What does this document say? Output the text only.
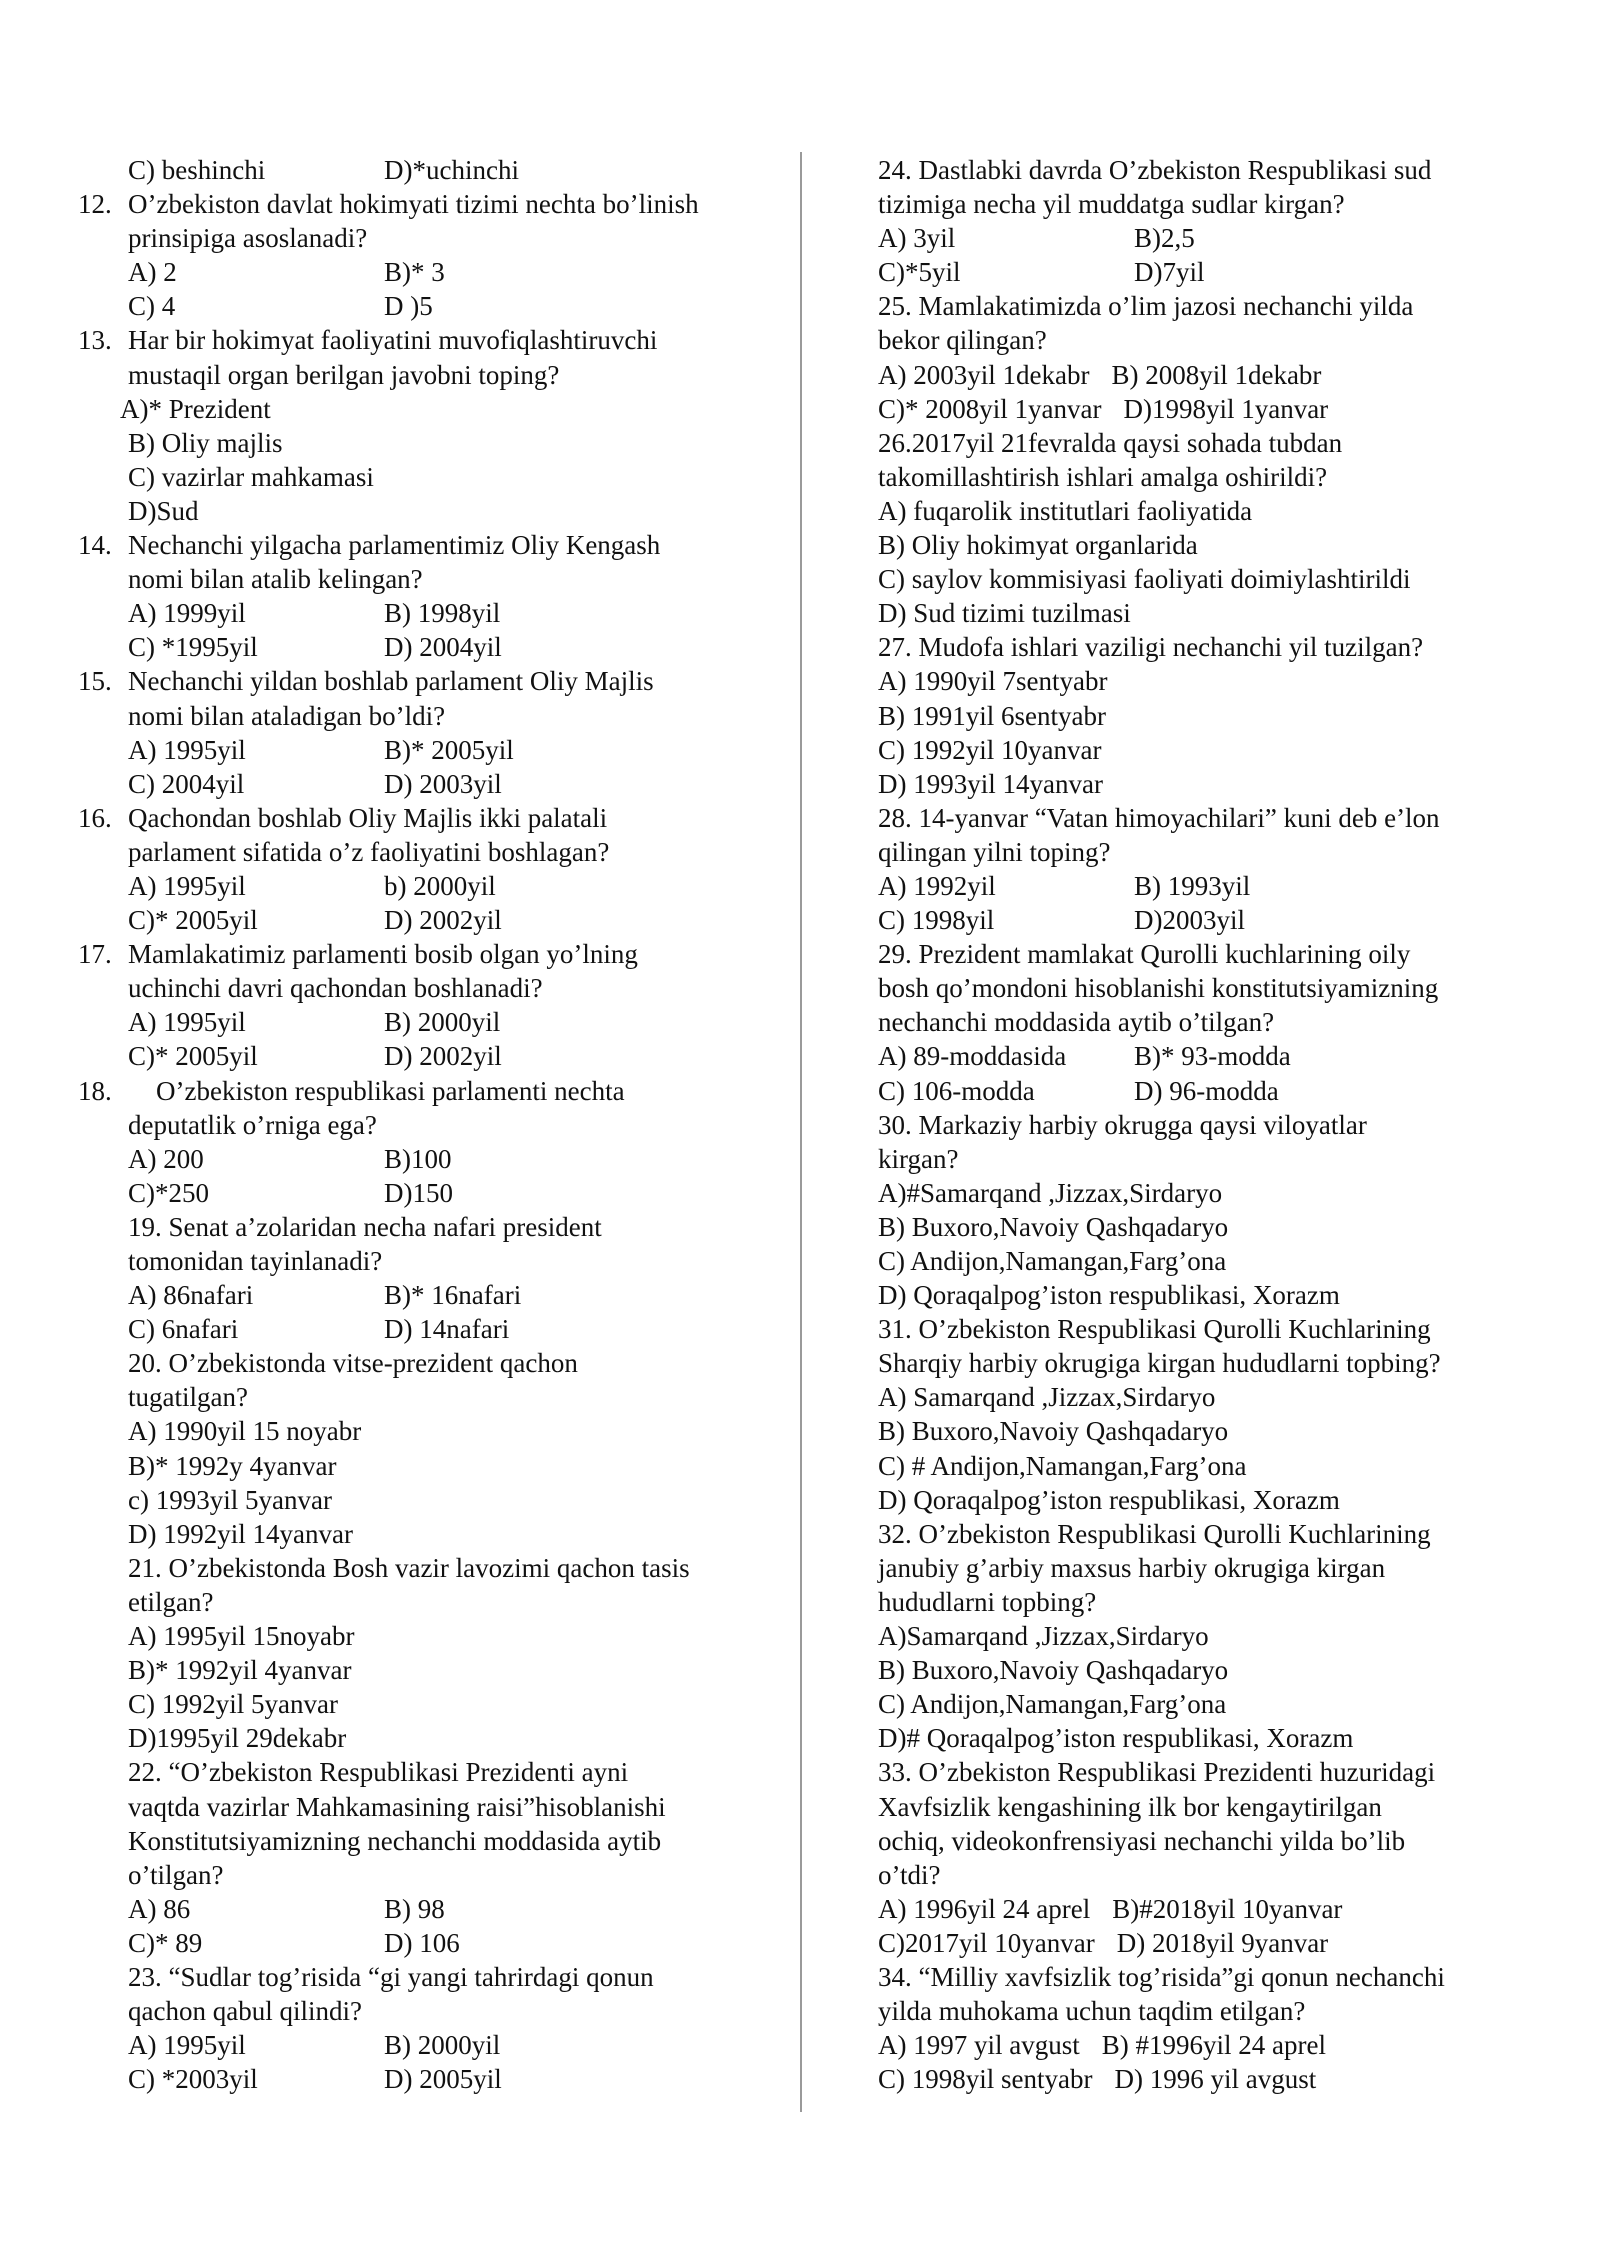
C) beshinchi	D)*uchinchi
12. O’zbekiston davlat hokimyati tizimi nechta bo’linish
prinsipiga asoslanadi?
A) 2	B)* 3
C) 4	D )5
13. Har bir hokimyat faoliyatini muvofiqlashtiruvchi
mustaqil organ berilgan javobni toping?
A)* Prezident
B) Oliy majlis
C) vazirlar mahkamasi
D)Sud
14. Nechanchi yilgacha parlamentimiz Oliy Kengash
nomi bilan atalib kelingan?
A) 1999yil	B) 1998yil
C) *1995yil	D) 2004yil
15. Nechanchi yildan boshlab parlament Oliy Majlis
nomi bilan ataladigan bo’ldi?
A) 1995yil	B)* 2005yil
C) 2004yil	D) 2003yil
16. Qachondan boshlab Oliy Majlis ikki palatali
parlament sifatida o’z faoliyatini boshlagan?
A) 1995yil	b) 2000yil
C)* 2005yil	D) 2002yil
17. Mamlakatimiz parlamenti bosib olgan yo’lning
uchinchi davri qachondan boshlanadi?
A) 1995yil	B) 2000yil
C)* 2005yil	D) 2002yil
18. O’zbekiston respublikasi parlamenti nechta
deputatlik o’rniga ega?
A) 200	B)100
C)*250	D)150
19. Senat a’zolaridan necha nafari president
tomonidan tayinlanadi?
A) 86nafari	B)* 16nafari
C) 6nafari	D) 14nafari
20. O’zbekistonda vitse-prezident qachon
tugatilgan?
A) 1990yil 15 noyabr
B)* 1992y 4yanvar
c) 1993yil 5yanvar
D) 1992yil 14yanvar
21. O’zbekistonda Bosh vazir lavozimi qachon tasis
etilgan?
A) 1995yil 15noyabr
B)* 1992yil 4yanvar
C) 1992yil 5yanvar
D)1995yil 29dekabr
22. “O’zbekiston Respublikasi Prezidenti ayni
vaqtda vazirlar Mahkamasining raisi”hisoblanishi
Konstitutsiyamizning nechanchi moddasida aytib
o’tilgan?
A) 86	B) 98
C)* 89	D) 106
23. “Sudlar tog’risida “gi yangi tahrirdagi qonun
qachon qabul qilindi?
A) 1995yil	B) 2000yil
C) *2003yil	D) 2005yil
24. Dastlabki davrda O’zbekiston Respublikasi sud
tizimiga necha yil muddatga sudlar kirgan?
A) 3yil	B)2,5
C)*5yil	D)7yil
25. Mamlakatimizda o’lim jazosi nechanchi yilda
bekor qilingan?
A) 2003yil 1dekabr B) 2008yil 1dekabr
C)* 2008yil 1yanvar D)1998yil 1yanvar
26.2017yil 21fevralda qaysi sohada tubdan
takomillashtirish ishlari amalga oshirildi?
A) fuqarolik institutlari faoliyatida
B) Oliy hokimyat organlarida
C) saylov kommisiyasi faoliyati doimiylashtirildi
D) Sud tizimi tuzilmasi
27. Mudofa ishlari vaziligi nechanchi yil tuzilgan?
A) 1990yil 7sentyabr
B) 1991yil 6sentyabr
C) 1992yil 10yanvar
D) 1993yil 14yanvar
28. 14-yanvar “Vatan himoyachilari” kuni deb e’lon
qilingan yilni toping?
A) 1992yil	B) 1993yil
C) 1998yil	D)2003yil
29. Prezident mamlakat Qurolli kuchlarining oily
bosh qo’mondoni hisoblanishi konstitutsiyamizning
nechanchi moddasida aytib o’tilgan?
A) 89-moddasida	B)* 93-modda
C) 106-modda	D) 96-modda
30. Markaziy harbiy okrugga qaysi viloyatlar
kirgan?
A)#Samarqand ,Jizzax,Sirdaryo
B) Buxoro,Navoiy Qashqadaryo
C) Andijon,Namangan,Farg’ona
D) Qoraqalpog’iston respublikasi, Xorazm
31. O’zbekiston Respublikasi Qurolli Kuchlarining
Sharqiy harbiy okrugiga kirgan hududlarni topbing?
A) Samarqand ,Jizzax,Sirdaryo
B) Buxoro,Navoiy Qashqadaryo
C) # Andijon,Namangan,Farg’ona
D) Qoraqalpog’iston respublikasi, Xorazm
32. O’zbekiston Respublikasi Qurolli Kuchlarining
janubiy g’arbiy maxsus harbiy okrugiga kirgan
hududlarni topbing?
A)Samarqand ,Jizzax,Sirdaryo
B) Buxoro,Navoiy Qashqadaryo
C) Andijon,Namangan,Farg’ona
D)# Qoraqalpog’iston respublikasi, Xorazm
33. O’zbekiston Respublikasi Prezidenti huzuridagi
Xavfsizlik kengashining ilk bor kengaytirilgan
ochiq, videokonfrensiyasi nechanchi yilda bo’lib
o’tdi?
A) 1996yil 24 aprel B)#2018yil 10yanvar
C)2017yil 10yanvar D) 2018yil 9yanvar
34. “Milliy xavfsizlik tog’risida”gi qonun nechanchi
yilda muhokama uchun taqdim etilgan?
A) 1997 yil avgust B) #1996yil 24 aprel
C) 1998yil sentyabr D) 1996 yil avgust
